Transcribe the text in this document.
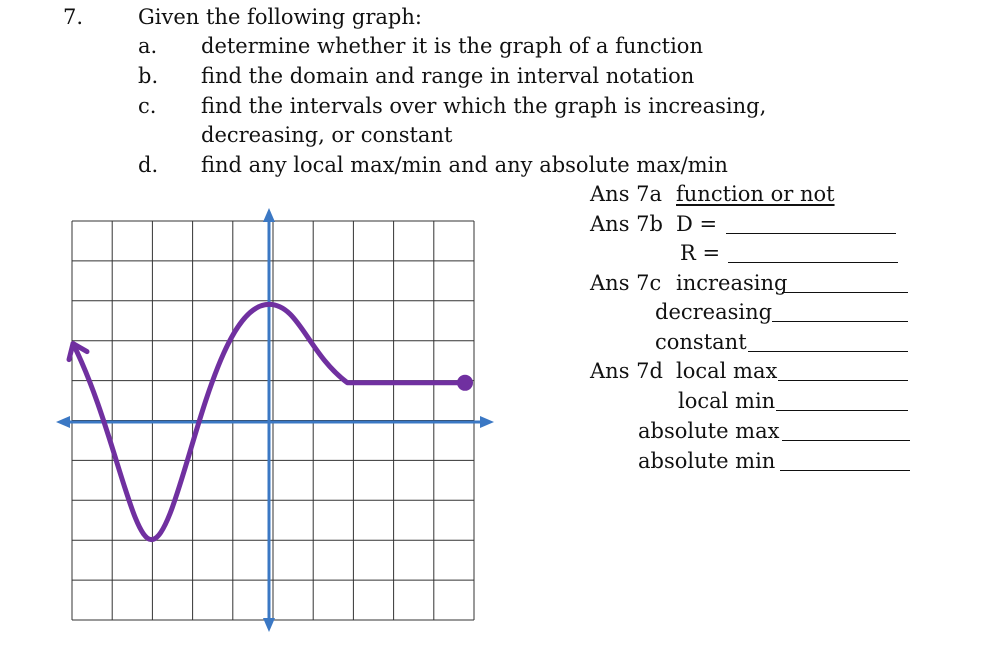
7.	Given the following graph:
a. determine whether it is the graph of a function
b. find the domain and range in interval notation
c. find the intervals over which the graph is increasing,
decreasing, or constant
d. find any local max/min and any absolute max/min
Ans 7a function or not
Ans 7b D =
R =
Ans 7c increasing
decreasing
constant
Ans 7d local max
local min
absolute max
absolute min
